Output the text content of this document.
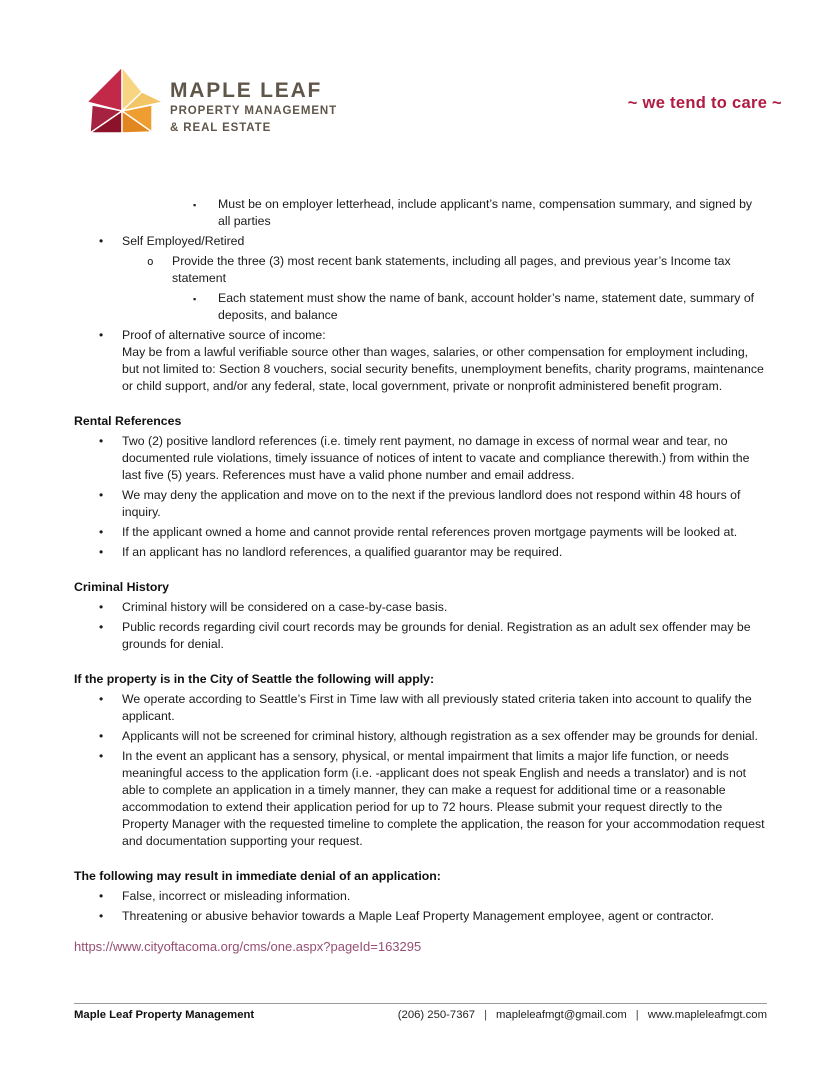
MAPLE LEAF
PROPERTY MANAGEMENT
& REAL ESTATE
~ we tend to care ~
▪ Must be on employer letterhead, include applicant’s name, compensation summary, and signed by all parties
• Self Employed/Retired
o Provide the three (3) most recent bank statements, including all pages, and previous year’s Income tax statement
▪ Each statement must show the name of bank, account holder’s name, statement date, summary of deposits, and balance
• Proof of alternative source of income:
May be from a lawful verifiable source other than wages, salaries, or other compensation for employment including, but not limited to: Section 8 vouchers, social security benefits, unemployment benefits, charity programs, maintenance or child support, and/or any federal, state, local government, private or nonprofit administered benefit program.
Rental References
• Two (2) positive landlord references (i.e. timely rent payment, no damage in excess of normal wear and tear, no documented rule violations, timely issuance of notices of intent to vacate and compliance therewith.) from within the last five (5) years. References must have a valid phone number and email address.
• We may deny the application and move on to the next if the previous landlord does not respond within 48 hours of inquiry.
• If the applicant owned a home and cannot provide rental references proven mortgage payments will be looked at.
• If an applicant has no landlord references, a qualified guarantor may be required.
Criminal History
• Criminal history will be considered on a case-by-case basis.
• Public records regarding civil court records may be grounds for denial. Registration as an adult sex offender may be grounds for denial.
If the property is in the City of Seattle the following will apply:
• We operate according to Seattle’s First in Time law with all previously stated criteria taken into account to qualify the applicant.
• Applicants will not be screened for criminal history, although registration as a sex offender may be grounds for denial.
• In the event an applicant has a sensory, physical, or mental impairment that limits a major life function, or needs meaningful access to the application form (i.e. -applicant does not speak English and needs a translator) and is not able to complete an application in a timely manner, they can make a request for additional time or a reasonable accommodation to extend their application period for up to 72 hours. Please submit your request directly to the Property Manager with the requested timeline to complete the application, the reason for your accommodation request and documentation supporting your request.
The following may result in immediate denial of an application:
• False, incorrect or misleading information.
• Threatening or abusive behavior towards a Maple Leaf Property Management employee, agent or contractor.
https://www.cityoftacoma.org/cms/one.aspx?pageId=163295
Maple Leaf Property Management	(206) 250-7367 | mapleleafmgt@gmail.com | www.mapleleafmgt.com
